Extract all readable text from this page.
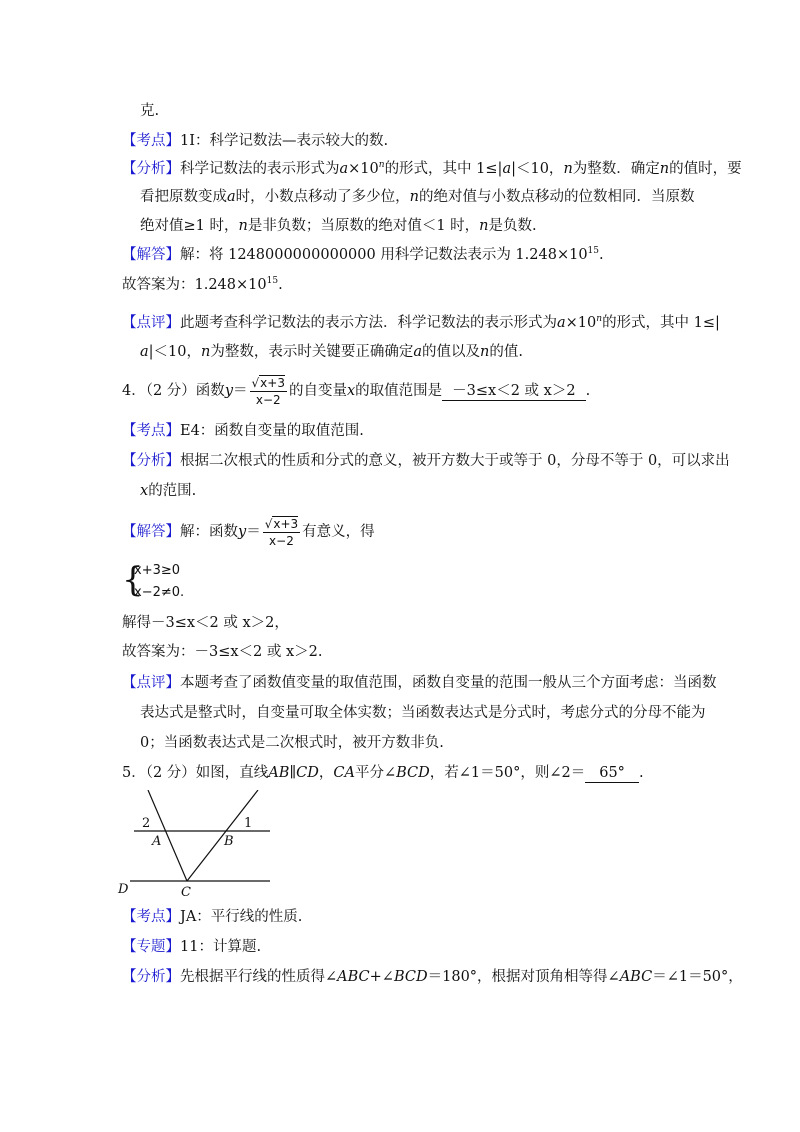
克.
【考点】1I：科学记数法—表示较大的数.
【分析】科学记数法的表示形式为$a\times 10^n$的形式，其中 1≤|a|＜10，n为整数．确定n的值时，要
看把原数变成a时，小数点移动了多少位，n的绝对值与小数点移动的位数相同．当原数
绝对值≥1 时，n是非负数；当原数的绝对值＜1 时，n是负数.
【解答】解：将 1248000000000000 用科学记数法表示为 $1.248\times 10^{15}$.
故答案为：$1.248\times 10^{15}$.
【点评】此题考查科学记数法的表示方法．科学记数法的表示形式为$a\times 10^n$的形式，其中 1≤|
a|＜10，n为整数，表示时关键要正确确定a的值以及n的值.
4．（2 分）函数$y= \frac{√x+3}{x-2}$ 的自变量x的取值范围是 －3≤x＜2 或 x＞2 .
【考点】E4：函数自变量的取值范围.
【分析】根据二次根式的性质和分式的意义，被开方数大于或等于 0，分母不等于 0，可以求出
x的范围.
【解答】解：函数$y= \frac{√x+3}{x-2}$ 有意义，得
{
x+3≥0
x−2≠0.
解得－3≤x＜2 或 x＞2，
故答案为：－3≤x＜2 或 x＞2.
【点评】本题考查了函数值变量的取值范围，函数自变量的范围一般从三个方面考虑：当函数
表达式是整式时，自变量可取全体实数；当函数表达式是分式时，考虑分式的分母不能为
0；当函数表达式是二次根式时，被开方数非负.
5．（2 分）如图，直线AB∥CD，CA平分∠BCD，若∠1＝50°，则∠2＝ 65° .
2	1
A	B
C
D
【考点】JA：平行线的性质.
【专题】11：计算题.
【分析】先根据平行线的性质得∠ABC+∠BCD＝180°，根据对顶角相等得∠ABC＝∠1＝50°，
